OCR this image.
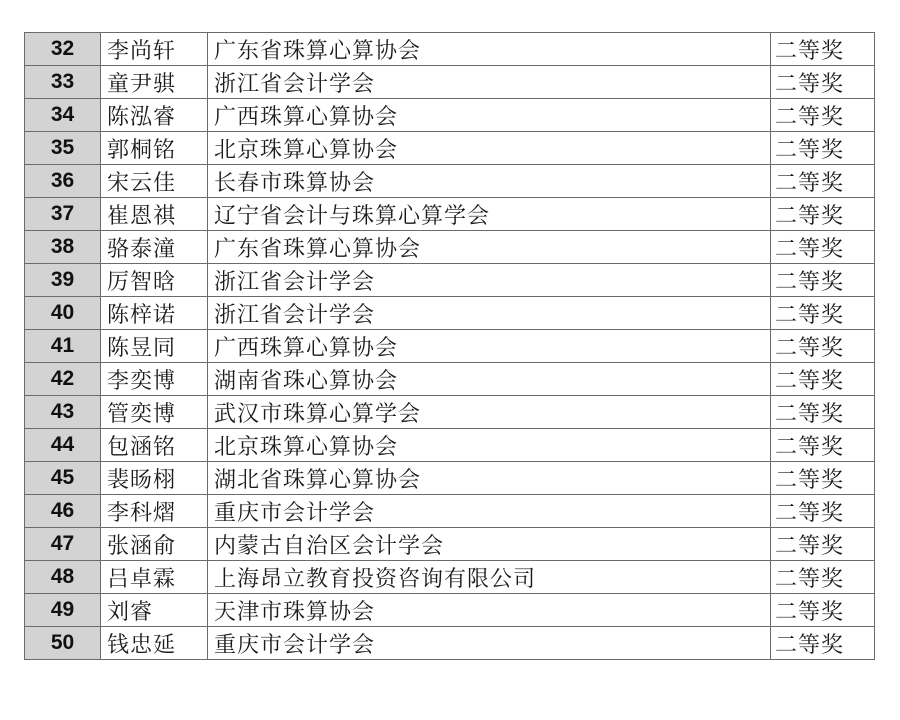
32	李尚轩	广东省珠算心算协会	二等奖
33	童尹骐	浙江省会计学会	二等奖
34	陈泓睿	广西珠算心算协会	二等奖
35	郭桐铭	北京珠算心算协会	二等奖
36	宋云佳	长春市珠算协会	二等奖
37	崔恩祺	辽宁省会计与珠算心算学会	二等奖
38	骆泰潼	广东省珠算心算协会	二等奖
39	厉智晗	浙江省会计学会	二等奖
40	陈梓诺	浙江省会计学会	二等奖
41	陈昱同	广西珠算心算协会	二等奖
42	李奕博	湖南省珠心算协会	二等奖
43	管奕博	武汉市珠算心算学会	二等奖
44	包涵铭	北京珠算心算协会	二等奖
45	裴旸栩	湖北省珠算心算协会	二等奖
46	李科熠	重庆市会计学会	二等奖
47	张涵俞	内蒙古自治区会计学会	二等奖
48	吕卓霖	上海昂立教育投资咨询有限公司	二等奖
49	刘睿	天津市珠算协会	二等奖
50	钱忠延	重庆市会计学会	二等奖
